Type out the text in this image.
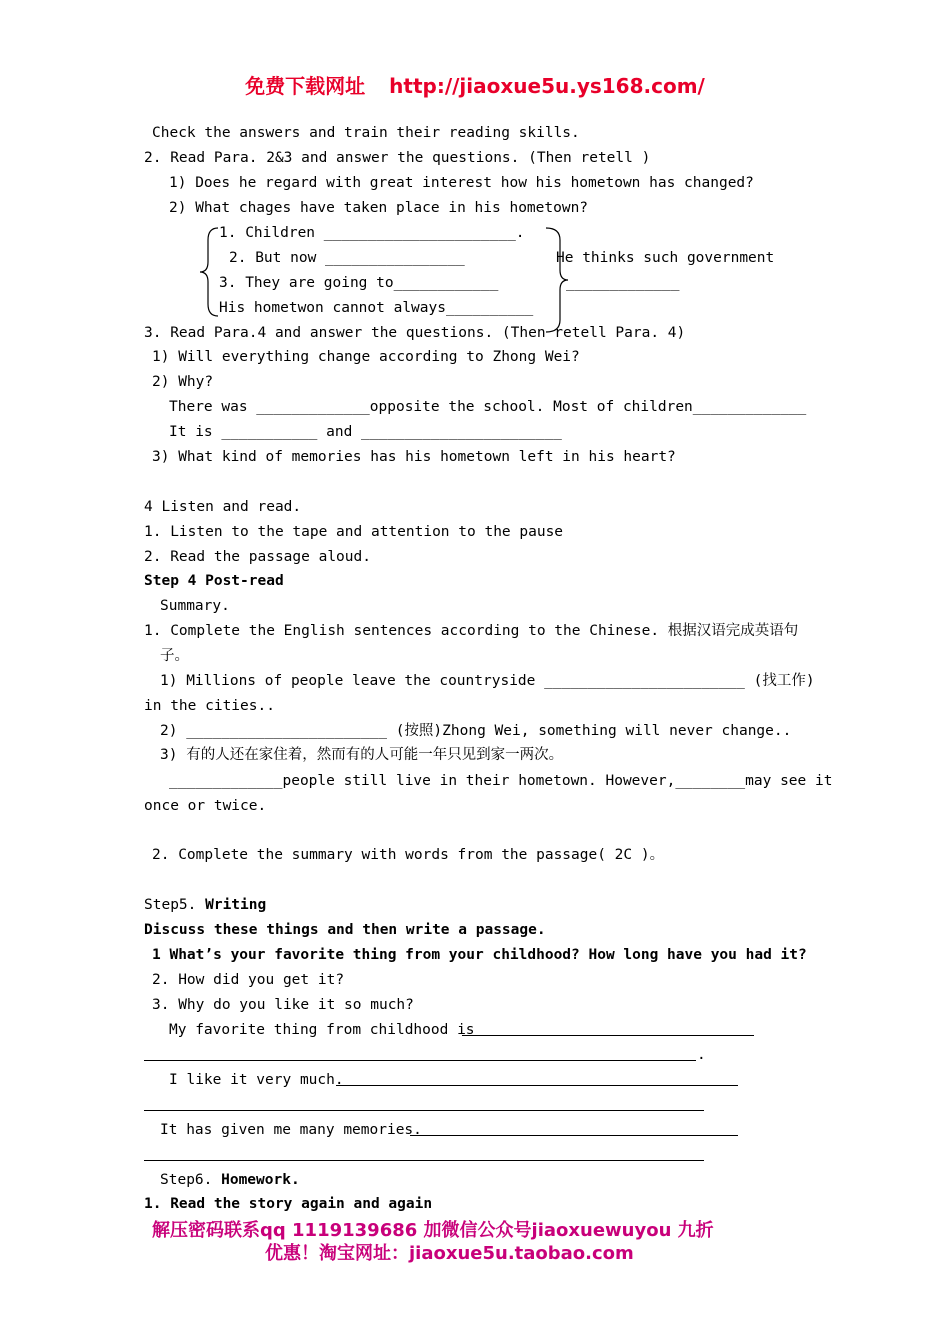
免费下载网址 http://jiaoxue5u.ys168.com/
Check the answers and train their reading skills.
2. Read Para. 2&3 and answer the questions. (Then retell )
1) Does he regard with great interest how his hometown has changed?
2) What chages have taken place in his hometown?
1. Children ______________________.
2. But now ________________
3. They are going to____________
His hometwon cannot always__________
He thinks such government
_____________
3. Read Para.4 and answer the questions. (Then retell Para. 4)
1) Will everything change according to Zhong Wei?
2) Why?
There was _____________opposite the school. Most of children_____________
It is ___________ and _______________________
3) What kind of memories has his hometown left in his heart?
4 Listen and read.
1. Listen to the tape and attention to the pause
2. Read the passage aloud.
Step 4 Post-read
Summary.
1. Complete the English sentences according to the Chinese. 根据汉语完成英语句
子。
1) Millions of people leave the countryside _______________________ (找工作)
in the cities..
2) _______________________ (按照)Zhong Wei, something will never change..
3) 有的人还在家住着，然而有的人可能一年只见到家一两次。
_____________people still live in their hometown. However,________may see it
once or twice.
2. Complete the summary with words from the passage( 2C )。
Step5. Writing
Discuss these things and then write a passage.
1 What’s your favorite thing from your childhood? How long have you had it?
2. How did you get it?
3. Why do you like it so much?
My favorite thing from childhood is
.
I like it very much.
It has given me many memories.
Step6. Homework.
1. Read the story again and again
解压密码联系qq 1119139686 加微信公众号jiaoxuewuyou 九折
优惠！淘宝网址：jiaoxue5u.taobao.com
